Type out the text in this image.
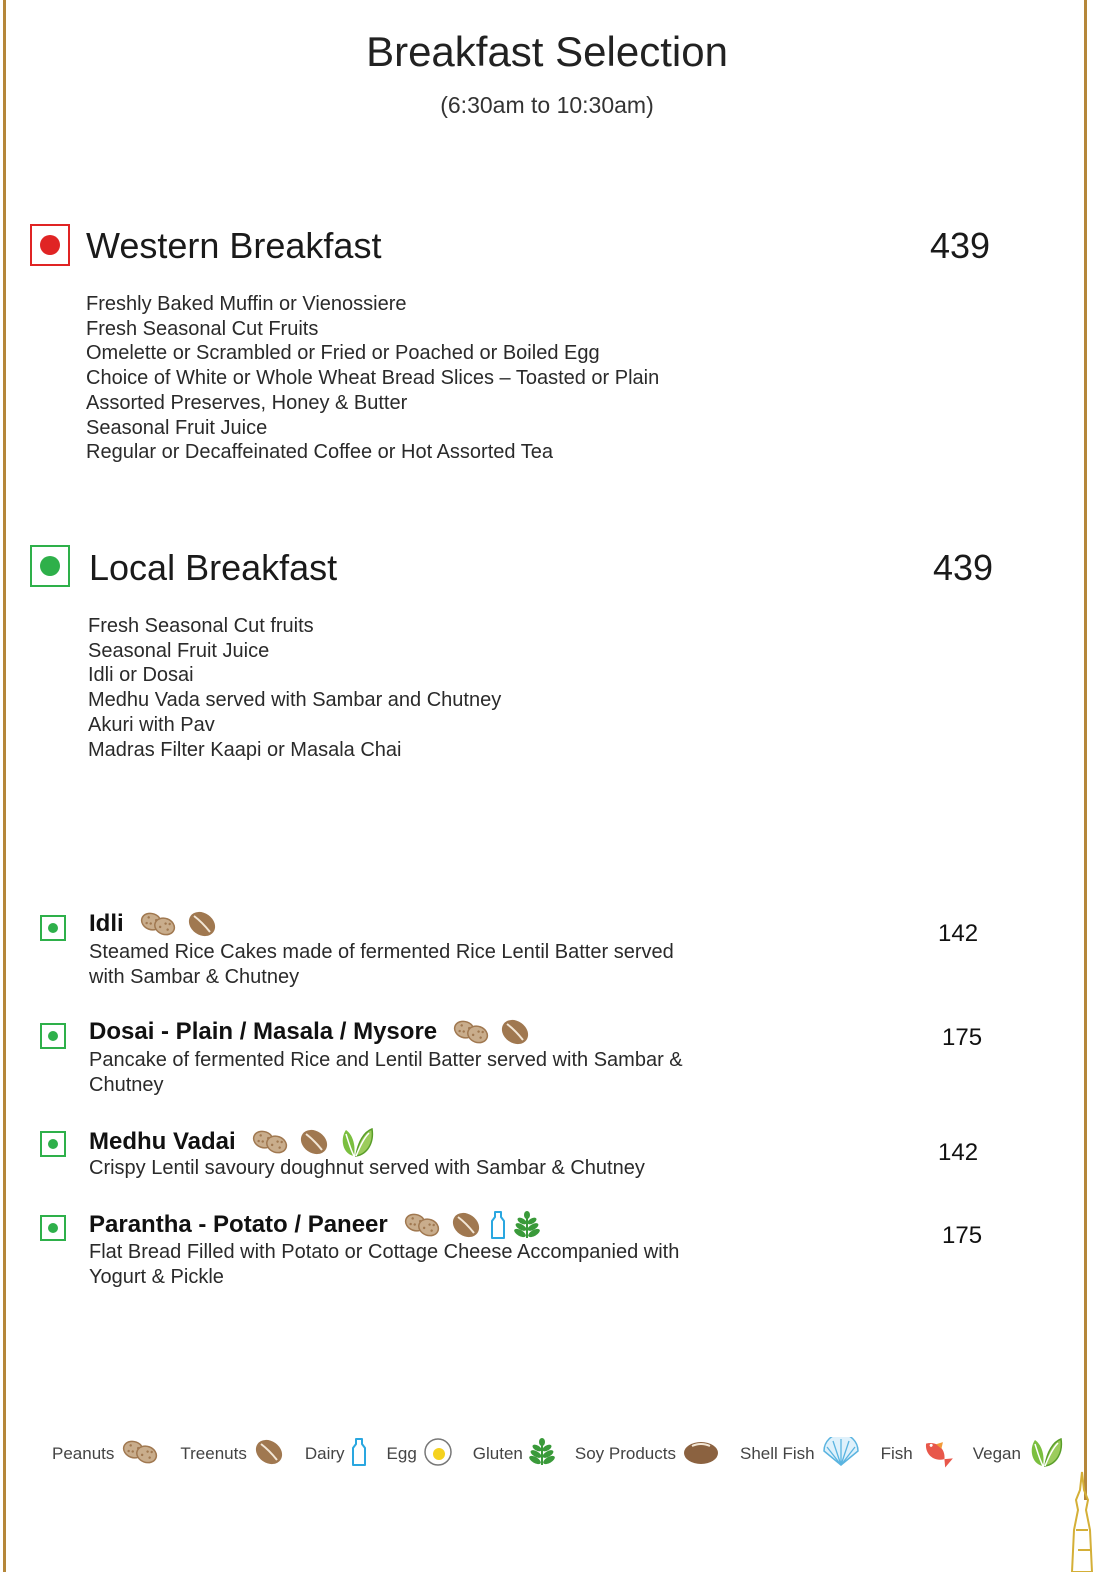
Breakfast Selection
(6:30am to 10:30am)
Western Breakfast	439
Freshly Baked Muffin or Vienossiere
Fresh Seasonal Cut Fruits
Omelette or Scrambled or Fried or Poached or Boiled Egg
Choice of White or Whole Wheat Bread Slices – Toasted or Plain
Assorted Preserves, Honey & Butter
Seasonal Fruit Juice
Regular or Decaffeinated Coffee or Hot Assorted Tea
Local Breakfast	439
Fresh Seasonal Cut fruits
Seasonal Fruit Juice
Idli or Dosai
Medhu Vada served with Sambar and Chutney
Akuri with Pav
Madras Filter Kaapi or Masala Chai
Idli
Steamed Rice Cakes made of fermented Rice Lentil Batter served with Sambar & Chutney
142
Dosai - Plain / Masala / Mysore
Pancake of fermented Rice and Lentil Batter served with Sambar & Chutney
175
Medhu Vadai
Crispy Lentil savoury doughnut served with Sambar & Chutney
142
Parantha - Potato / Paneer
Flat Bread Filled with Potato or Cottage Cheese Accompanied with Yogurt & Pickle
175
Peanuts	Treenuts	Dairy Egg	Gluten	Soy Products	Shell Fish	Fish	Vegan
